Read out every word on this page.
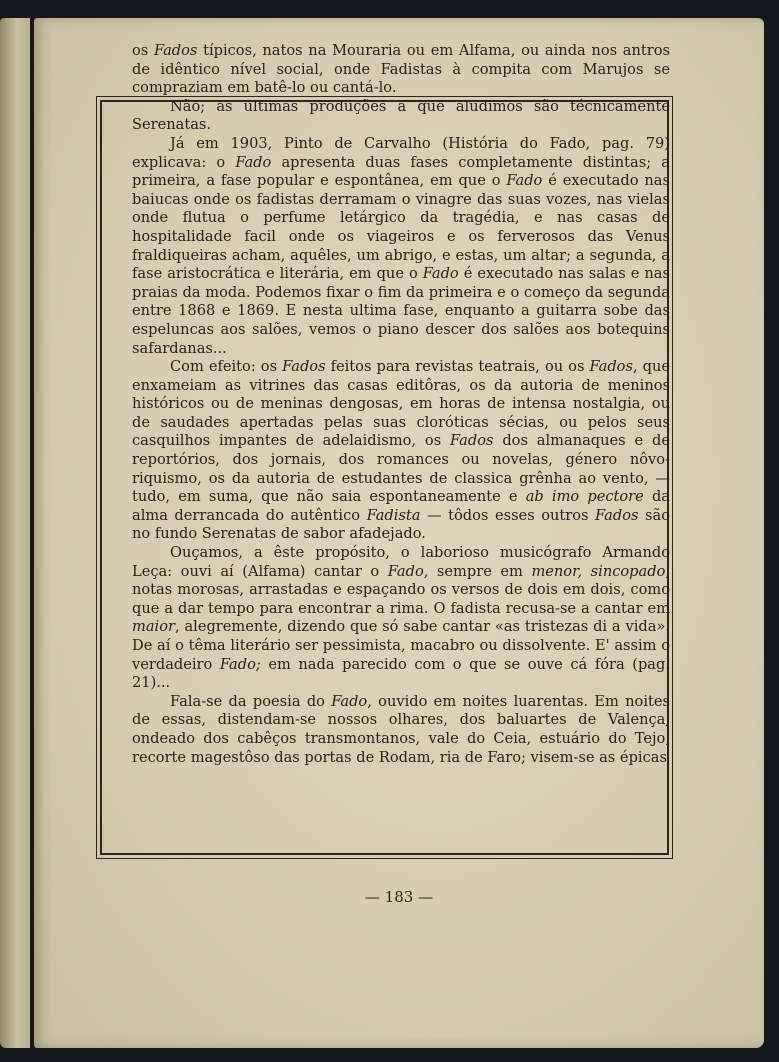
os Fados típicos, natos na Mouraria ou em Alfama, ou ainda nos antros de idêntico nível social, onde Fadistas à compita com Marujos se compraziam em batê-lo ou cantá-lo.

Não; as ultimas produções a que aludimos são técnicamente Serenatas.

Já em 1903, Pinto de Carvalho (História do Fado, pag. 79) explicava: o Fado apresenta duas fases completamente distintas; a primeira, a fase popular e espontânea, em que o Fado é executado nas baiucas onde os fadistas derramam o vinagre das suas vozes, nas vielas onde flutua o perfume letárgico da tragédia, e nas casas de hospitalidade facil onde os viageiros e os ferverosos das Venus fraldiqueiras acham, aquêles, um abrigo, e estas, um altar; a segunda, a fase aristocrática e literária, em que o Fado é executado nas salas e nas praias da moda. Podemos fixar o fim da primeira e o começo da segunda entre 1868 e 1869. E nesta ultima fase, enquanto a guitarra sobe das espeluncas aos salões, vemos o piano descer dos salões aos botequins safardanas...

Com efeito: os Fados feitos para revistas teatrais, ou os Fados, que enxameiam as vitrines das casas editôras, os da autoria de meninos históricos ou de meninas dengosas, em horas de intensa nostalgia, ou de saudades apertadas pelas suas cloróticas sécias, ou pelos seus casquilhos impantes de adelaidismo, os Fados dos almanaques e de reportórios, dos jornais, dos romances ou novelas, género nôvo-riquismo, os da autoria de estudantes de classica grênha ao vento, — tudo, em suma, que não saia espontaneamente e ab imo pectore da alma derrancada do autêntico Fadista — tôdos esses outros Fados são no fundo Serenatas de sabor afadejado.

Ouçamos, a êste propósito, o laborioso musicógrafo Armando Leça: ouvi aí (Alfama) cantar o Fado, sempre em menor, sincopado, notas morosas, arrastadas e espaçando os versos de dois em dois, como que a dar tempo para encontrar a rima. O fadista recusa-se a cantar em maior, alegremente, dizendo que só sabe cantar «as tristezas di a vida». De aí o têma literário ser pessimista, macabro ou dissolvente. E' assim o verdadeiro Fado; em nada parecido com o que se ouve cá fóra (pag. 21)...

Fala-se da poesia do Fado, ouvido em noites luarentas. Em noites de essas, distendam-se nossos olhares, dos baluartes de Valença, ondeado dos cabêços transmontanos, vale do Ceia, estuário do Tejo, recorte magestôso das portas de Rodam, ria de Faro; visem-se as épicas

— 183 —
